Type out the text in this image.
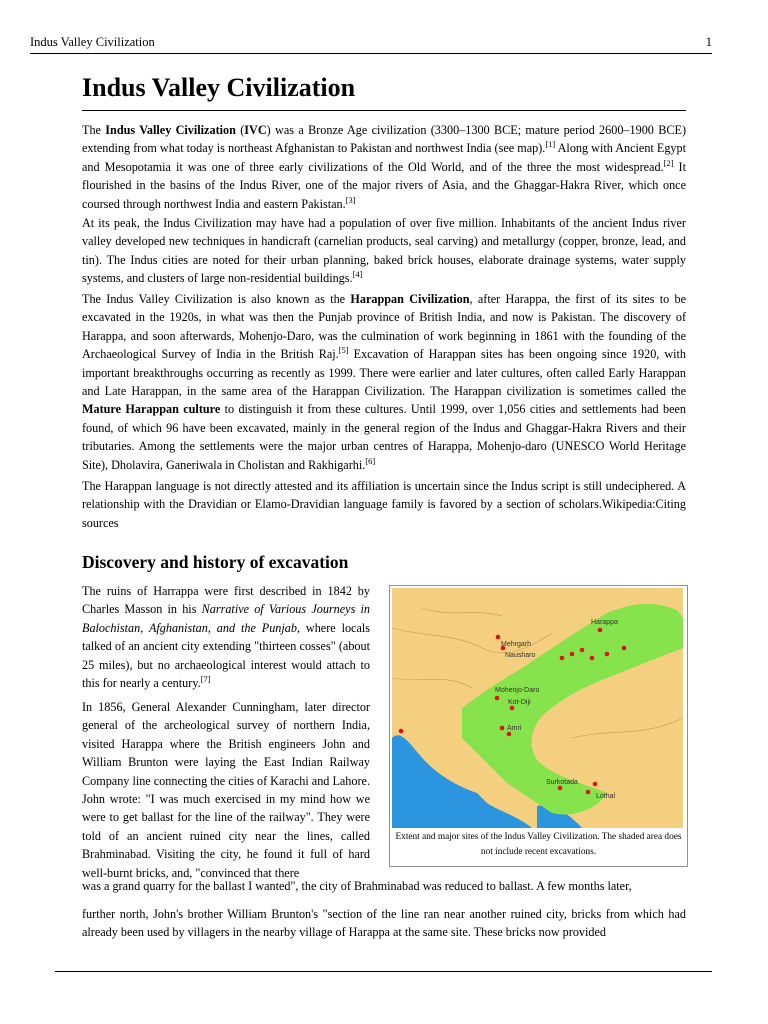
Indus Valley Civilization	1
Indus Valley Civilization

The Indus Valley Civilization (IVC) was a Bronze Age civilization (3300–1300 BCE; mature period 2600–1900 BCE) extending from what today is northeast Afghanistan to Pakistan and northwest India (see map).[1] Along with Ancient Egypt and Mesopotamia it was one of three early civilizations of the Old World, and of the three the most widespread.[2] It flourished in the basins of the Indus River, one of the major rivers of Asia, and the Ghaggar-Hakra River, which once coursed through northwest India and eastern Pakistan.[3]

At its peak, the Indus Civilization may have had a population of over five million. Inhabitants of the ancient Indus river valley developed new techniques in handicraft (carnelian products, seal carving) and metallurgy (copper, bronze, lead, and tin). The Indus cities are noted for their urban planning, baked brick houses, elaborate drainage systems, water supply systems, and clusters of large non-residential buildings.[4]

The Indus Valley Civilization is also known as the Harappan Civilization, after Harappa, the first of its sites to be excavated in the 1920s, in what was then the Punjab province of British India, and now is Pakistan. The discovery of Harappa, and soon afterwards, Mohenjo-Daro, was the culmination of work beginning in 1861 with the founding of the Archaeological Survey of India in the British Raj.[5] Excavation of Harappan sites has been ongoing since 1920, with important breakthroughs occurring as recently as 1999. There were earlier and later cultures, often called Early Harappan and Late Harappan, in the same area of the Harappan Civilization. The Harappan civilization is sometimes called the Mature Harappan culture to distinguish it from these cultures. Until 1999, over 1,056 cities and settlements had been found, of which 96 have been excavated, mainly in the general region of the Indus and Ghaggar-Hakra Rivers and their tributaries. Among the settlements were the major urban centres of Harappa, Mohenjo-daro (UNESCO World Heritage Site), Dholavira, Ganeriwala in Cholistan and Rakhigarhi.[6]

The Harappan language is not directly attested and its affiliation is uncertain since the Indus script is still undeciphered. A relationship with the Dravidian or Elamo-Dravidian language family is favored by a section of scholars.Wikipedia:Citing sources

Discovery and history of excavation

The ruins of Harrappa were first described in 1842 by Charles Masson in his Narrative of Various Journeys in Balochistan, Afghanistan, and the Punjab, where locals talked of an ancient city extending "thirteen cosses" (about 25 miles), but no archaeological interest would attach to this for nearly a century.[7]

In 1856, General Alexander Cunningham, later director general of the archeological survey of northern India, visited Harappa where the British engineers John and William Brunton were laying the East Indian Railway Company line connecting the cities of Karachi and Lahore. John wrote: "I was much exercised in my mind how we were to get ballast for the line of the railway". They were told of an ancient ruined city near the lines, called Brahminabad. Visiting the city, he found it full of hard well-burnt bricks, and, "convinced that there

was a grand quarry for the ballast I wanted", the city of Brahminabad was reduced to ballast. A few months later,

further north, John's brother William Brunton's "section of the line ran near another ruined city, bricks from which had already been used by villagers in the nearby village of Harappa at the same site. These bricks now provided

Harappa
Mehrgarh
Nausharo
Mohenjo-Daro
Kot-Diji
Amri
Surkotada
Lothal
Extent and major sites of the Indus Valley Civilization. The shaded area does not include recent excavations.
